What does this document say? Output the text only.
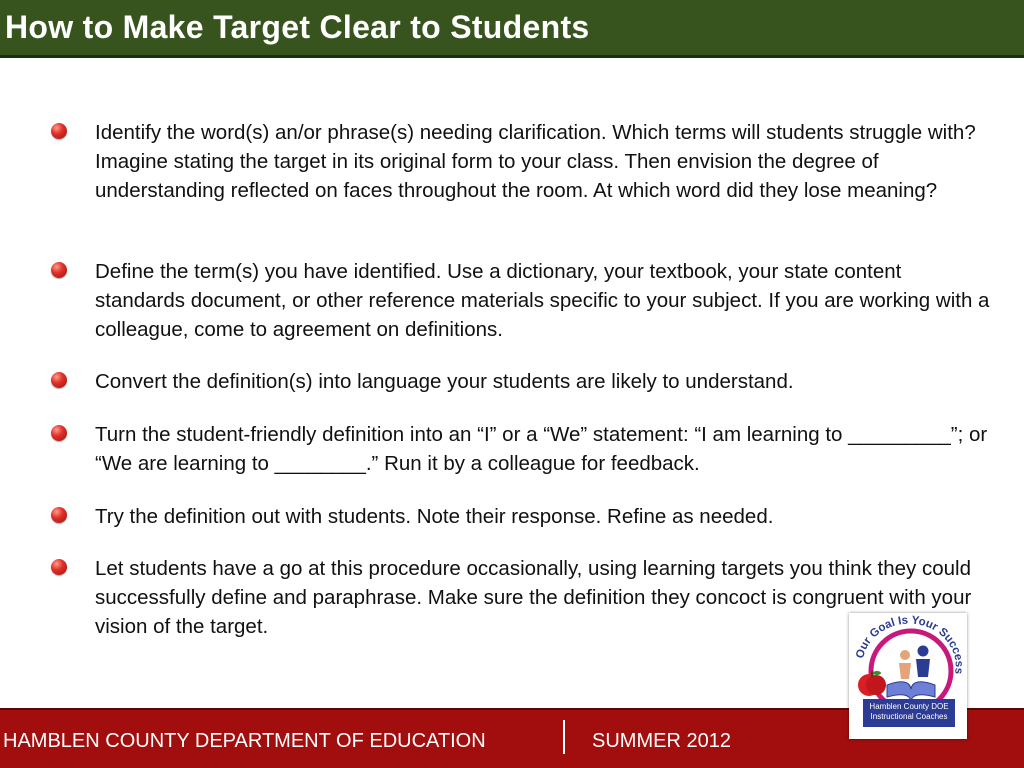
How to Make Target Clear to Students
Identify the word(s) an/or phrase(s) needing clarification. Which terms will students struggle with? Imagine stating the target in its original form to your class. Then envision the degree of understanding reflected on faces throughout the room. At which word did they lose meaning?
Define the term(s) you have identified. Use a dictionary, your textbook, your state content standards document, or other reference materials specific to your subject. If you are working with a colleague, come to agreement on definitions.
Convert the definition(s) into language your students are likely to understand.
Turn the student-friendly definition into an “I” or a “We” statement: “I am learning to _________”; or “We are learning to ________.” Run it by a colleague for feedback.
Try the definition out with students. Note their response. Refine as needed.
Let students have a go at this procedure occasionally, using learning targets you think they could successfully define and paraphrase. Make sure the definition they concoct is congruent with your vision of the target.
HAMBLEN COUNTY DEPARTMENT OF EDUCATION	SUMMER 2012
Our Goal Is Your Success
Hamblen County DOE
Instructional Coaches
